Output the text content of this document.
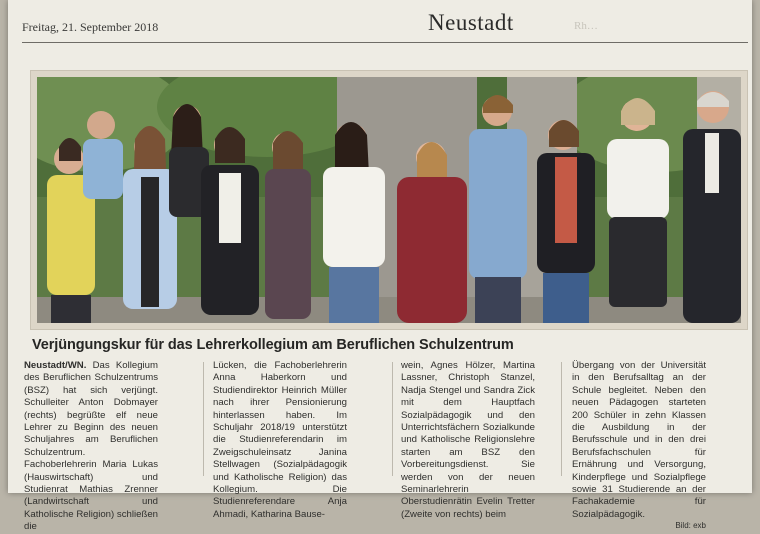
Freitag, 21. September 2018	Neustadt	Rh…
Verjüngungskur für das Lehrerkollegium am Beruflichen Schulzentrum
Neustadt/WN. Das Kollegium des Beruflichen Schulzentrums (BSZ) hat sich verjüngt. Schulleiter Anton Dobmayer (rechts) begrüßte elf neue Lehrer zu Beginn des neuen Schuljahres am Beruflichen Schulzentrum. Fachoberlehrerin Maria Lukas (Hauswirtschaft) und Studienrat Mathias Zrenner (Landwirtschaft und Katholische Religion) schließen die
Lücken, die Fachoberlehrerin Anna Haberkorn und Studiendirektor Heinrich Müller nach ihrer Pensionierung hinterlassen haben. Im Schuljahr 2018/19 unterstützt die Studienreferendarin im Zweigschuleinsatz Janina Stellwagen (Sozialpädagogik und Katholische Religion) das Kollegium. Die Studienreferendare Anja Ahmadi, Katharina Bause-
wein, Agnes Hölzer, Martina Lassner, Christoph Stanzel, Nadja Stengel und Sandra Zick mit dem Hauptfach Sozialpädagogik und den Unterrichtsfächern Sozialkunde und Katholische Religionslehre starten am BSZ den Vorbereitungsdienst. Sie werden von der neuen Seminarlehrerin Oberstudienrätin Evelin Tretter (Zweite von rechts) beim
Übergang von der Universität in den Berufsalltag an der Schule begleitet. Neben den neuen Pädagogen starteten 200 Schüler in zehn Klassen die Ausbildung in der Berufsschule und in den drei Berufsfachschulen für Ernährung und Versorgung, Kinderpflege und Sozialpflege sowie 31 Studierende an der Fachakademie für Sozialpädagogik.
Bild: exb
